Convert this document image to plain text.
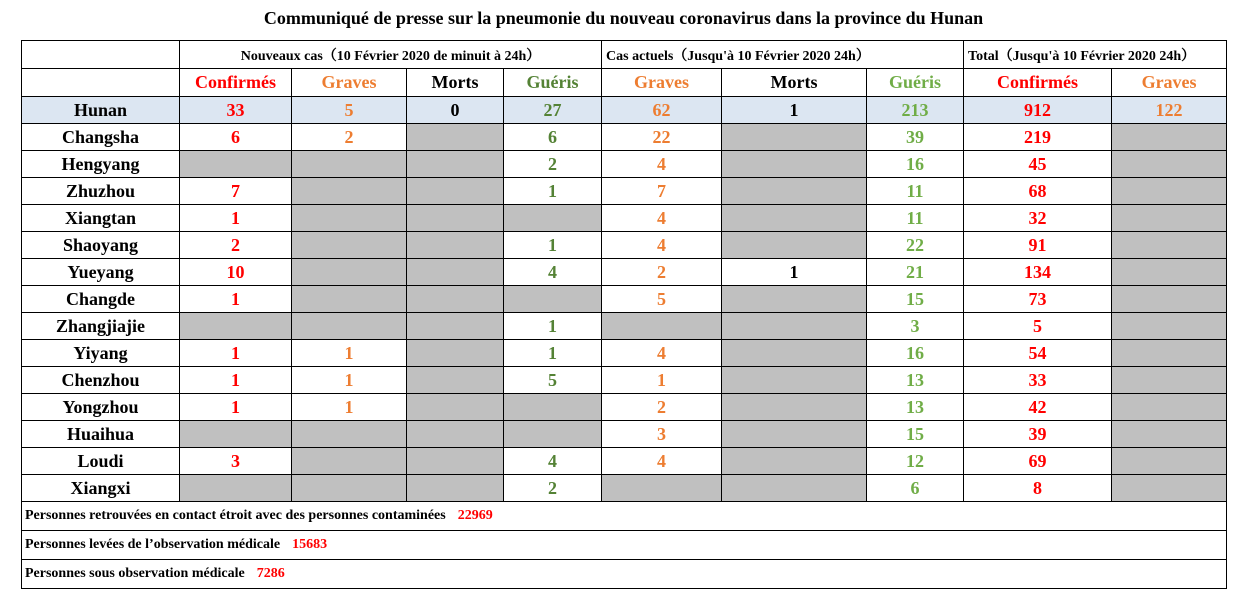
Communiqué de presse sur la pneumonie du nouveau coronavirus dans la province du Hunan
	Nouveaux cas（10 Février 2020 de minuit à 24h）				Cas actuels（Jusqu'à 10 Février 2020 24h）			Total（Jusqu'à 10 Février 2020 24h）	
	Confirmés	Graves	Morts	Guéris	Graves	Morts	Guéris	Confirmés	Graves
Hunan	33	5	0	27	62	1	213	912	122
Changsha	6	2		6	22		39	219	
Hengyang				2	4		16	45	
Zhuzhou	7			1	7		11	68	
Xiangtan	1				4		11	32	
Shaoyang	2			1	4		22	91	
Yueyang	10			4	2	1	21	134	
Changde	1				5		15	73	
Zhangjiajie				1			3	5	
Yiyang	1	1		1	4		16	54	
Chenzhou	1	1		5	1		13	33	
Yongzhou	1	1			2		13	42	
Huaihua					3		15	39	
Loudi	3			4	4		12	69	
Xiangxi				2			6	8	
Personnes retrouvées en contact étroit avec des personnes contaminées 22969									
Personnes levées de l’observation médicale 15683									
Personnes sous observation médicale 7286									
